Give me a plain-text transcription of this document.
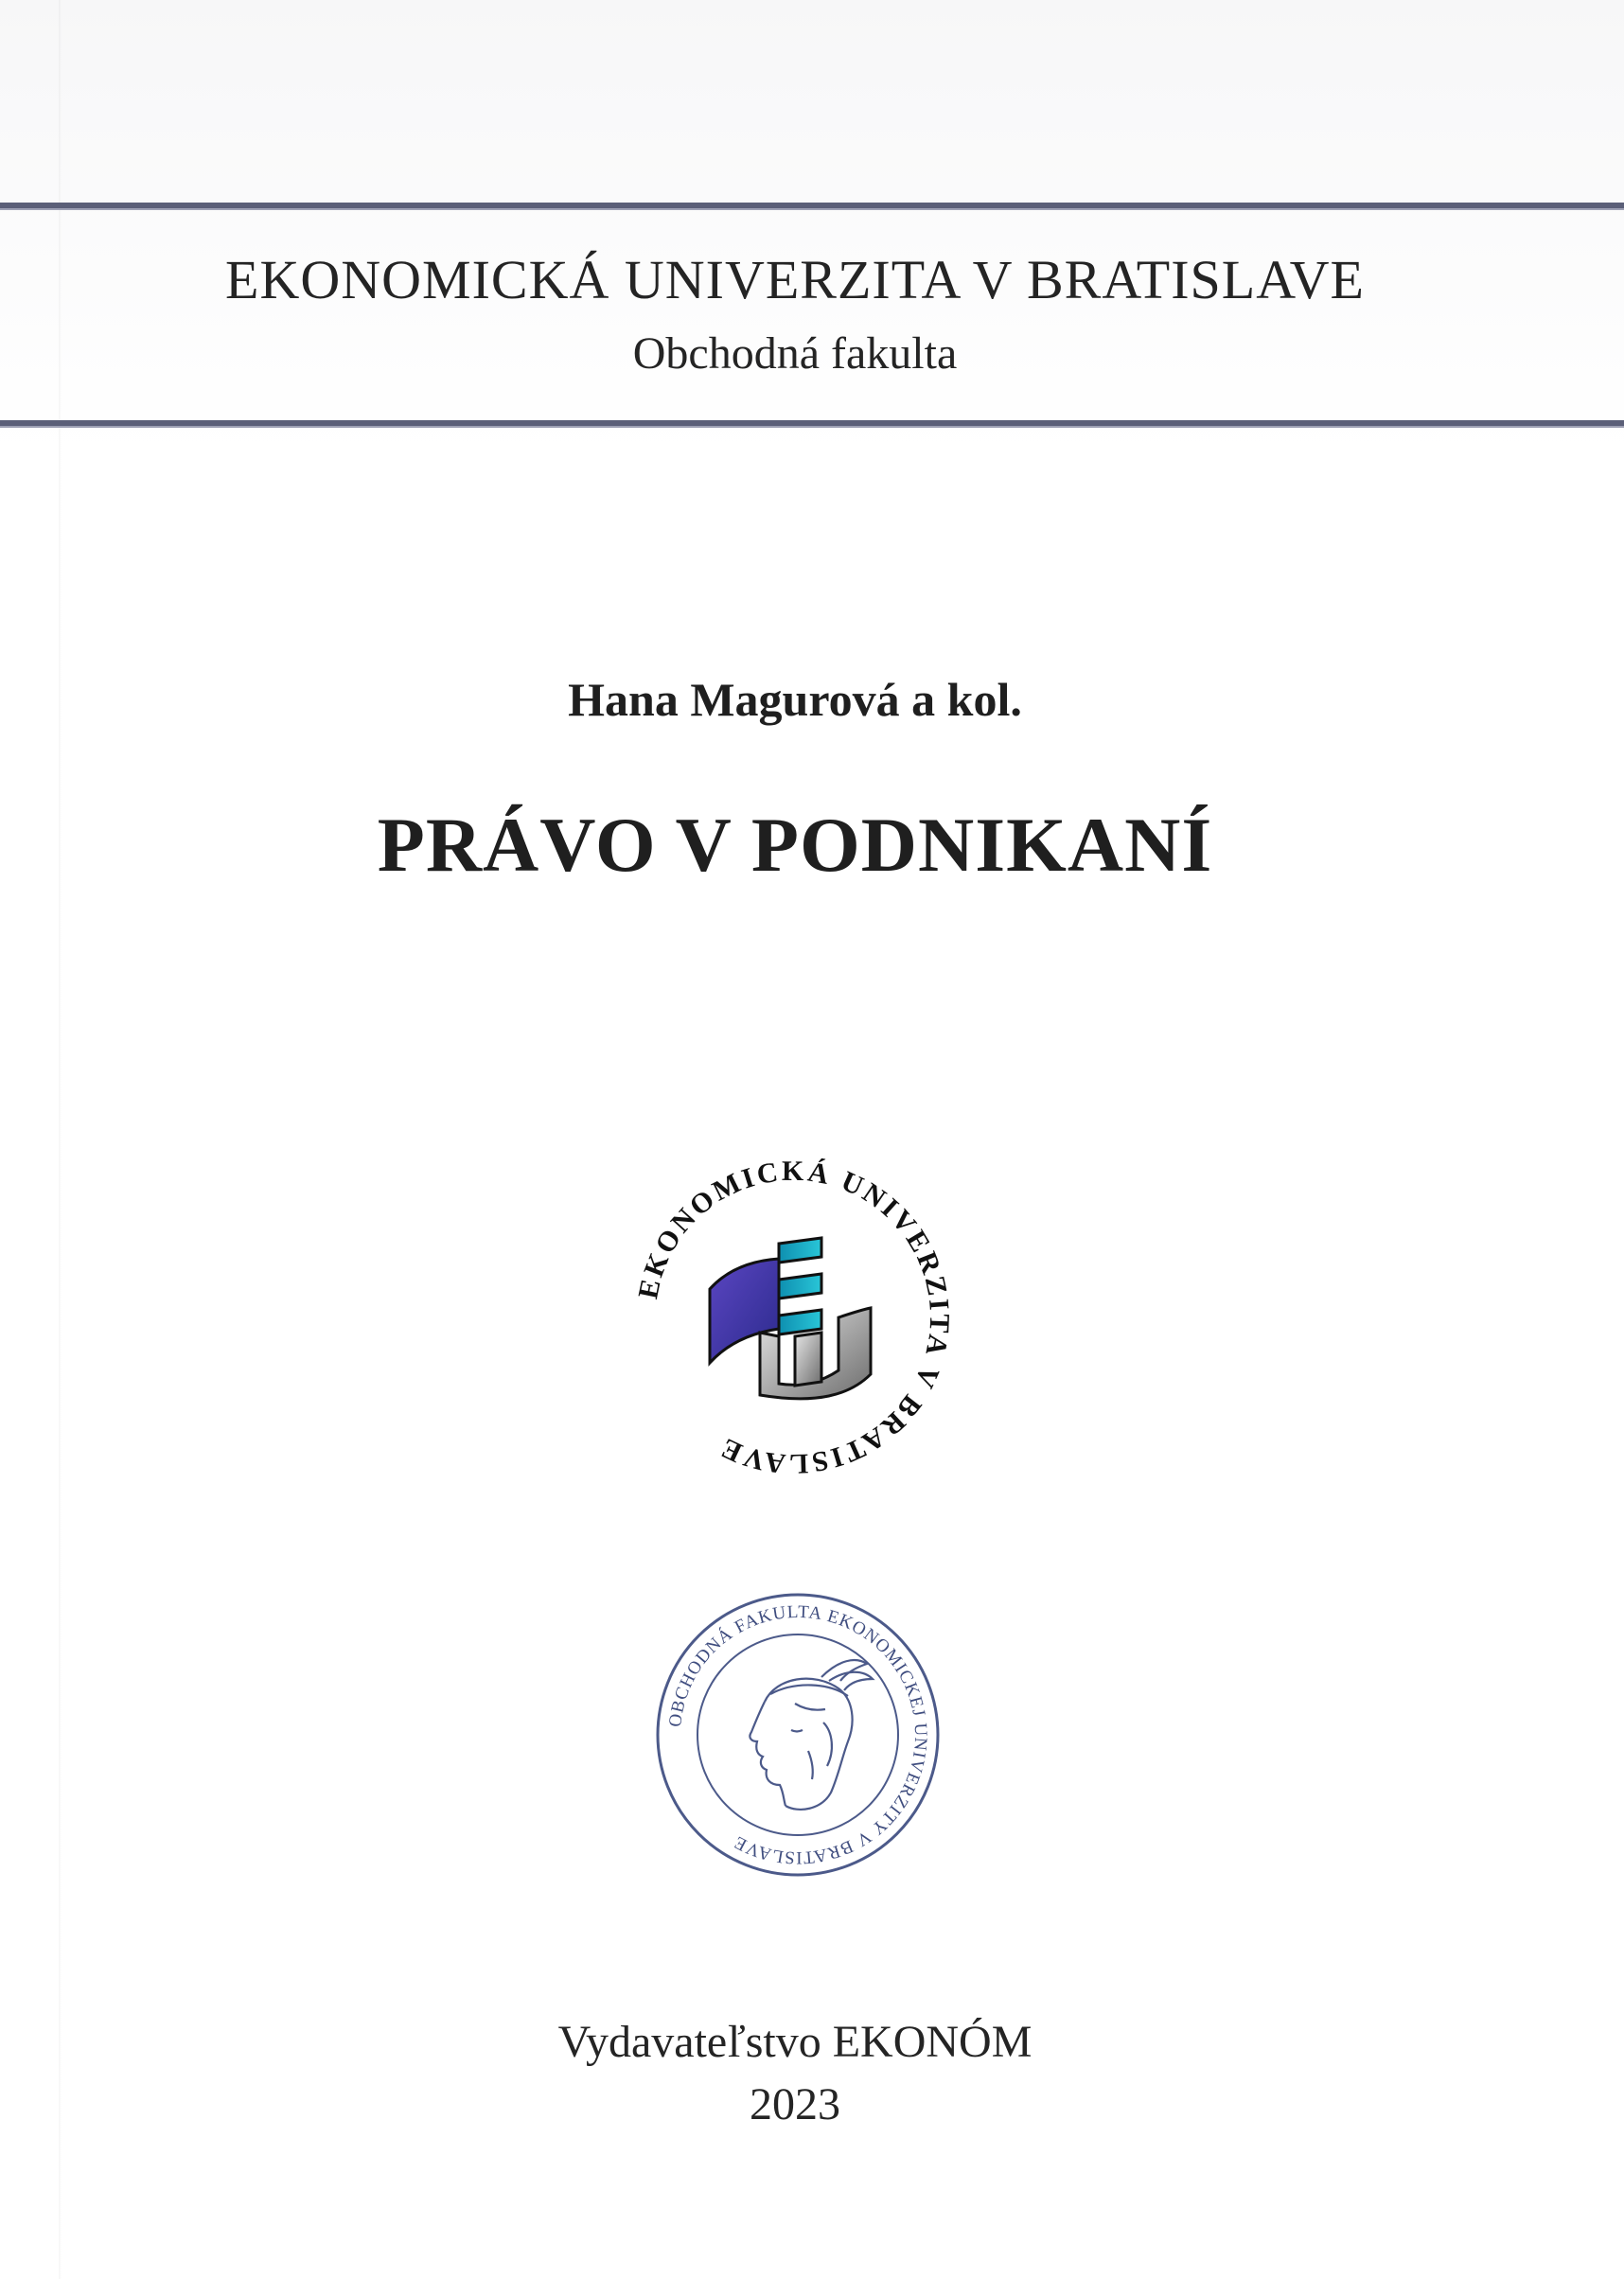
EKONOMICKÁ UNIVERZITA V BRATISLAVE
Obchodná fakulta
Hana Magurová a kol.
PRÁVO V PODNIKANÍ
EKONOMICKÁ UNIVERZITA V BRATISLAVE
OBCHODNÁ FAKULTA EKONOMICKEJ UNIVERZITY V BRATISLAVE
Vydavateľstvo EKONÓM
2023
